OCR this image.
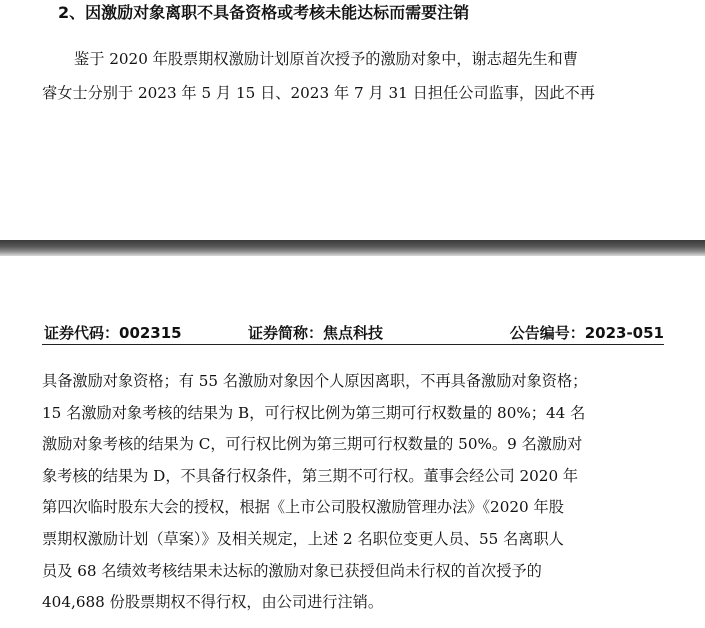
2、因激励对象离职不具备资格或考核未能达标而需要注销

鉴于 2020 年股票期权激励计划原首次授予的激励对象中，谢志超先生和曹
睿女士分别于 2023 年 5 月 15 日、2023 年 7 月 31 日担任公司监事，因此不再

证券代码：002315	证券简称：焦点科技	公告编号：2023-051

具备激励对象资格；有 55 名激励对象因个人原因离职，不再具备激励对象资格；
15 名激励对象考核的结果为 B，可行权比例为第三期可行权数量的 80%；44 名
激励对象考核的结果为 C，可行权比例为第三期可行权数量的 50%。9 名激励对
象考核的结果为 D，不具备行权条件，第三期不可行权。董事会经公司 2020 年
第四次临时股东大会的授权，根据《上市公司股权激励管理办法》《2020 年股
票期权激励计划（草案）》及相关规定，上述 2 名职位变更人员、55 名离职人
员及 68 名绩效考核结果未达标的激励对象已获授但尚未行权的首次授予的
404,688 份股票期权不得行权，由公司进行注销。
